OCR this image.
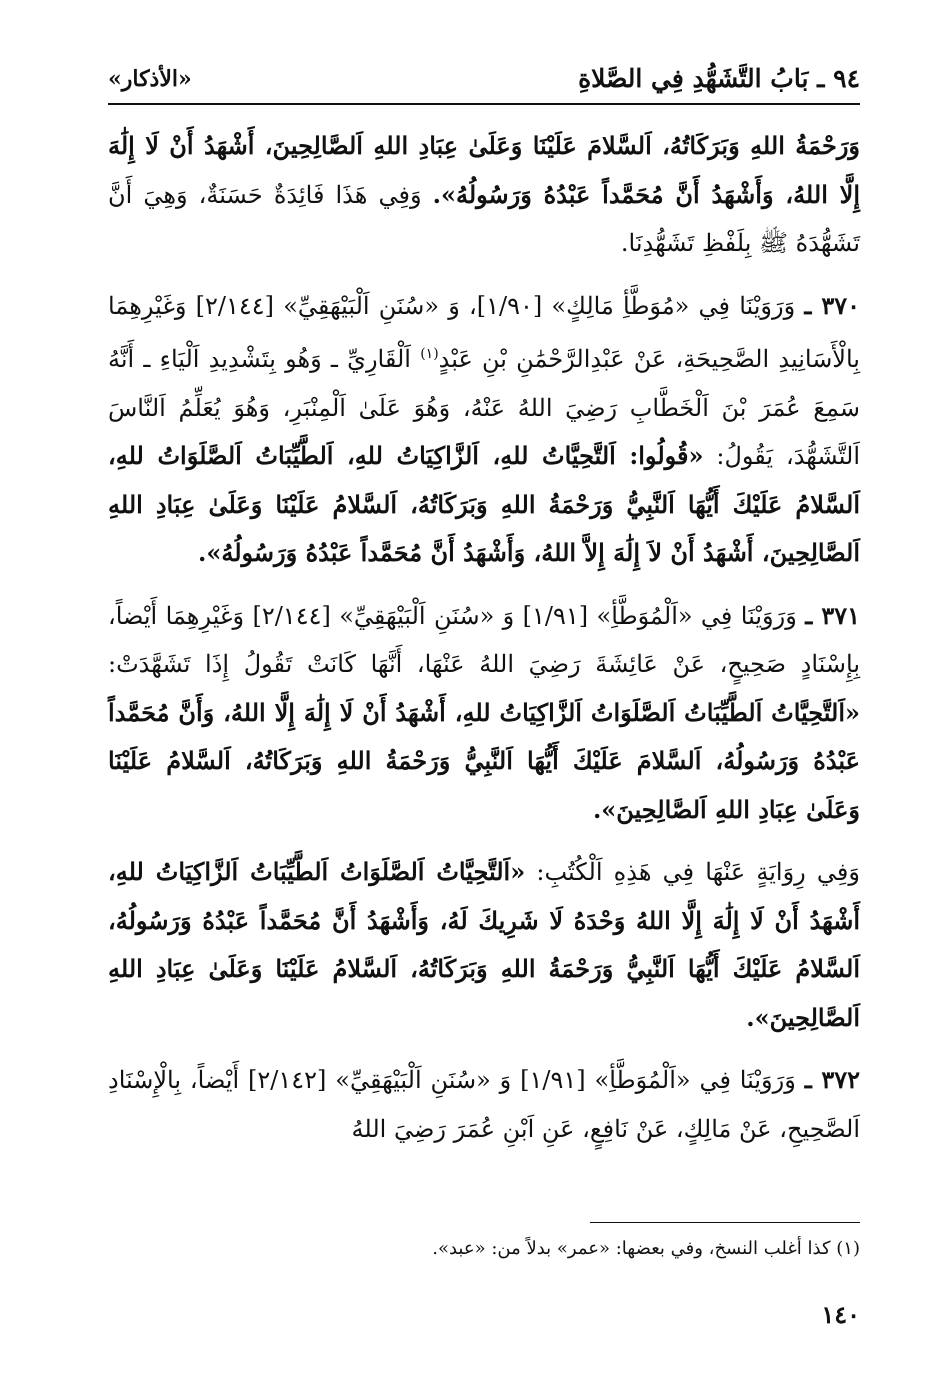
٩٤ ـ بَابُ التَّشَهُّدِ فِي الصَّلاةِ
«الأذكار»

وَرَحْمَةُ اللهِ وَبَرَكَاتُهُ، اَلسَّلامَ عَلَيْنَا وَعَلَىٰ عِبَادِ اللهِ اَلصَّالِحِينَ، أَشْهَدُ أَنْ لَا إِلَٰهَ إِلَّا اللهُ، وَأَشْهَدُ أَنَّ مُحَمَّداً عَبْدُهُ وَرَسُولُهُ». وَفِي هَذَا فَائِدَةٌ حَسَنَةٌ، وَهِيَ أَنَّ تَشَهُّدَهُ ﷺ بِلَفْظِ تَشَهُّدِنَا.

٣٧٠ ـ وَرَوَيْنَا فِي «مُوَطَّأِ مَالِكٍ» [١/٩٠]، وَ «سُنَنِ اَلْبَيْهَقِيِّ» [٢/١٤٤] وَغَيْرِهِمَا بِالْأَسَانِيدِ الصَّحِيحَةِ، عَنْ عَبْدِالرَّحْمَٰنِ بْنِ عَبْدٍ$^{(١)}$ اَلْقَارِيِّ ـ وَهُو بِتَشْدِيدِ اَلْيَاءِ ـ أَنَّهُ سَمِعَ عُمَرَ بْنَ اَلْخَطَّابِ رَضِيَ اللهُ عَنْهُ، وَهُوَ عَلَىٰ اَلْمِنْبَرِ، وَهُوَ يُعَلِّمُ اَلنَّاسَ اَلتَّشَهُّدَ، يَقُولُ: «قُولُوا: اَلتَّحِيَّاتُ للهِ، اَلزَّاكِيَاتُ للهِ، اَلطَّيِّبَاتُ اَلصَّلَوَاتُ للهِ، اَلسَّلامُ عَلَيْكَ أَيُّهَا اَلنَّبِيُّ وَرَحْمَةُ اللهِ وَبَرَكَاتُهُ، اَلسَّلامُ عَلَيْنَا وَعَلَىٰ عِبَادِ اللهِ اَلصَّالِحِينَ، أَشْهَدُ أَنْ لاَ إِلَٰهَ إِلاَّ اللهُ، وَأَشْهَدُ أَنَّ مُحَمَّداً عَبْدُهُ وَرَسُولُهُ».

٣٧١ ـ وَرَوَيْنَا فِي «اَلْمُوَطَّأِ» [١/٩١] وَ «سُنَنِ اَلْبَيْهَقِيِّ» [٢/١٤٤] وَغَيْرِهِمَا أَيْضاً، بِإِسْنَادٍ صَحِيحٍ، عَنْ عَائِشَةَ رَضِيَ اللهُ عَنْهَا، أَنَّهَا كَانَتْ تَقُولُ إِذَا تَشَهَّدَتْ: «اَلتَّحِيَّاتُ اَلطَّيِّبَاتُ اَلصَّلَوَاتُ اَلزَّاكِيَاتُ للهِ، أَشْهَدُ أَنْ لَا إِلَٰهَ إِلَّا اللهُ، وَأَنَّ مُحَمَّداً عَبْدُهُ وَرَسُولُهُ، اَلسَّلامَ عَلَيْكَ أَيُّهَا اَلنَّبِيُّ وَرَحْمَةُ اللهِ وَبَرَكَاتُهُ، اَلسَّلامُ عَلَيْنَا وَعَلَىٰ عِبَادِ اللهِ اَلصَّالِحِينَ».

وَفِي رِوَايَةٍ عَنْهَا فِي هَذِهِ اَلْكُتُبِ: «اَلتَّحِيَّاتُ اَلصَّلَوَاتُ اَلطَّيِّبَاتُ اَلزَّاكِيَاتُ للهِ، أَشْهَدُ أَنْ لَا إِلَٰهَ إِلَّا اللهُ وَحْدَهُ لَا شَرِيكَ لَهُ، وَأَشْهَدُ أَنَّ مُحَمَّداً عَبْدُهُ وَرَسُولُهُ، اَلسَّلامُ عَلَيْكَ أَيُّهَا اَلنَّبِيُّ وَرَحْمَةُ اللهِ وَبَرَكَاتُهُ، اَلسَّلامُ عَلَيْنَا وَعَلَىٰ عِبَادِ اللهِ اَلصَّالِحِينَ».

٣٧٢ ـ وَرَوَيْنَا فِي «اَلْمُوَطَّأِ» [١/٩١] وَ «سُنَنِ اَلْبَيْهَقِيِّ» [٢/١٤٢] أَيْضاً، بِالْإِسْنَادِ اَلصَّحِيحِ، عَنْ مَالِكٍ، عَنْ نَافِعٍ، عَنِ اَبْنِ عُمَرَ رَضِيَ اللهُ

(١) كذا أغلب النسخ، وفي بعضها: «عمر» بدلاً من: «عبد».
١٤٠
